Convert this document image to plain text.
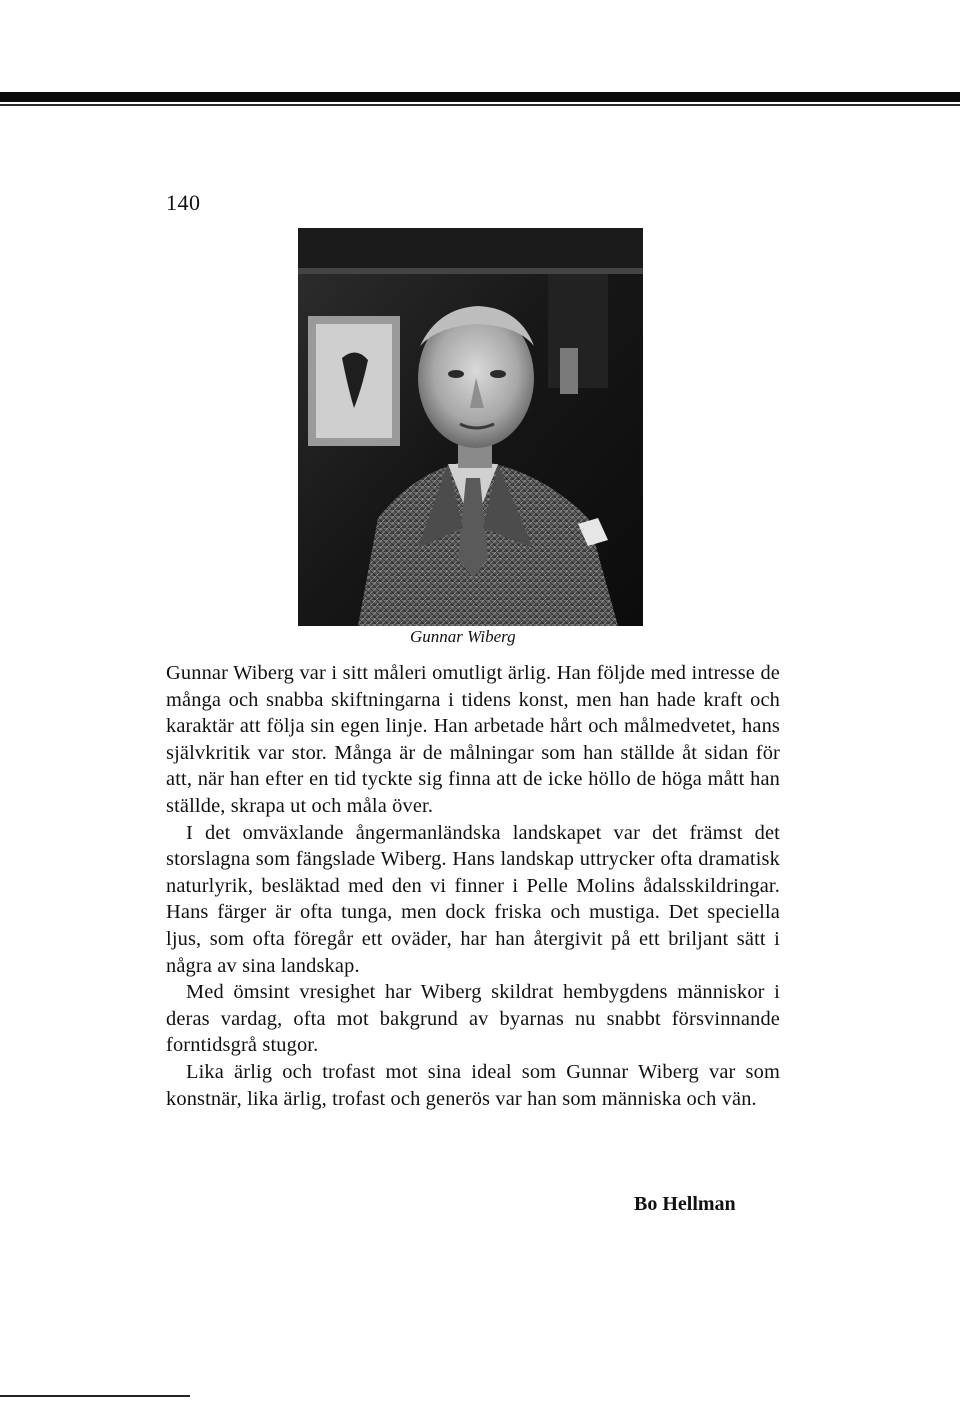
140
Gunnar Wiberg

Gunnar Wiberg var i sitt måleri omutligt ärlig. Han följde med intresse de många och snabba skiftningarna i tidens konst, men han hade kraft och karaktär att följa sin egen linje. Han arbetade hårt och målmedvetet, hans självkritik var stor. Många är de målningar som han ställde åt sidan för att, när han efter en tid tyckte sig finna att de icke höllo de höga mått han ställde, skrapa ut och måla över.

I det omväxlande ångermanländska landskapet var det främst det storslagna som fängslade Wiberg. Hans landskap uttrycker ofta dramatisk naturlyrik, besläktad med den vi finner i Pelle Molins ådalsskildringar. Hans färger är ofta tunga, men dock friska och mustiga. Det speciella ljus, som ofta föregår ett oväder, har han återgivit på ett briljant sätt i några av sina landskap.

Med ömsint vresighet har Wiberg skildrat hembygdens människor i deras vardag, ofta mot bakgrund av byarnas nu snabbt försvinnande forntidsgrå stugor.

Lika ärlig och trofast mot sina ideal som Gunnar Wiberg var som konstnär, lika ärlig, trofast och generös var han som människa och vän.

Bo Hellman
